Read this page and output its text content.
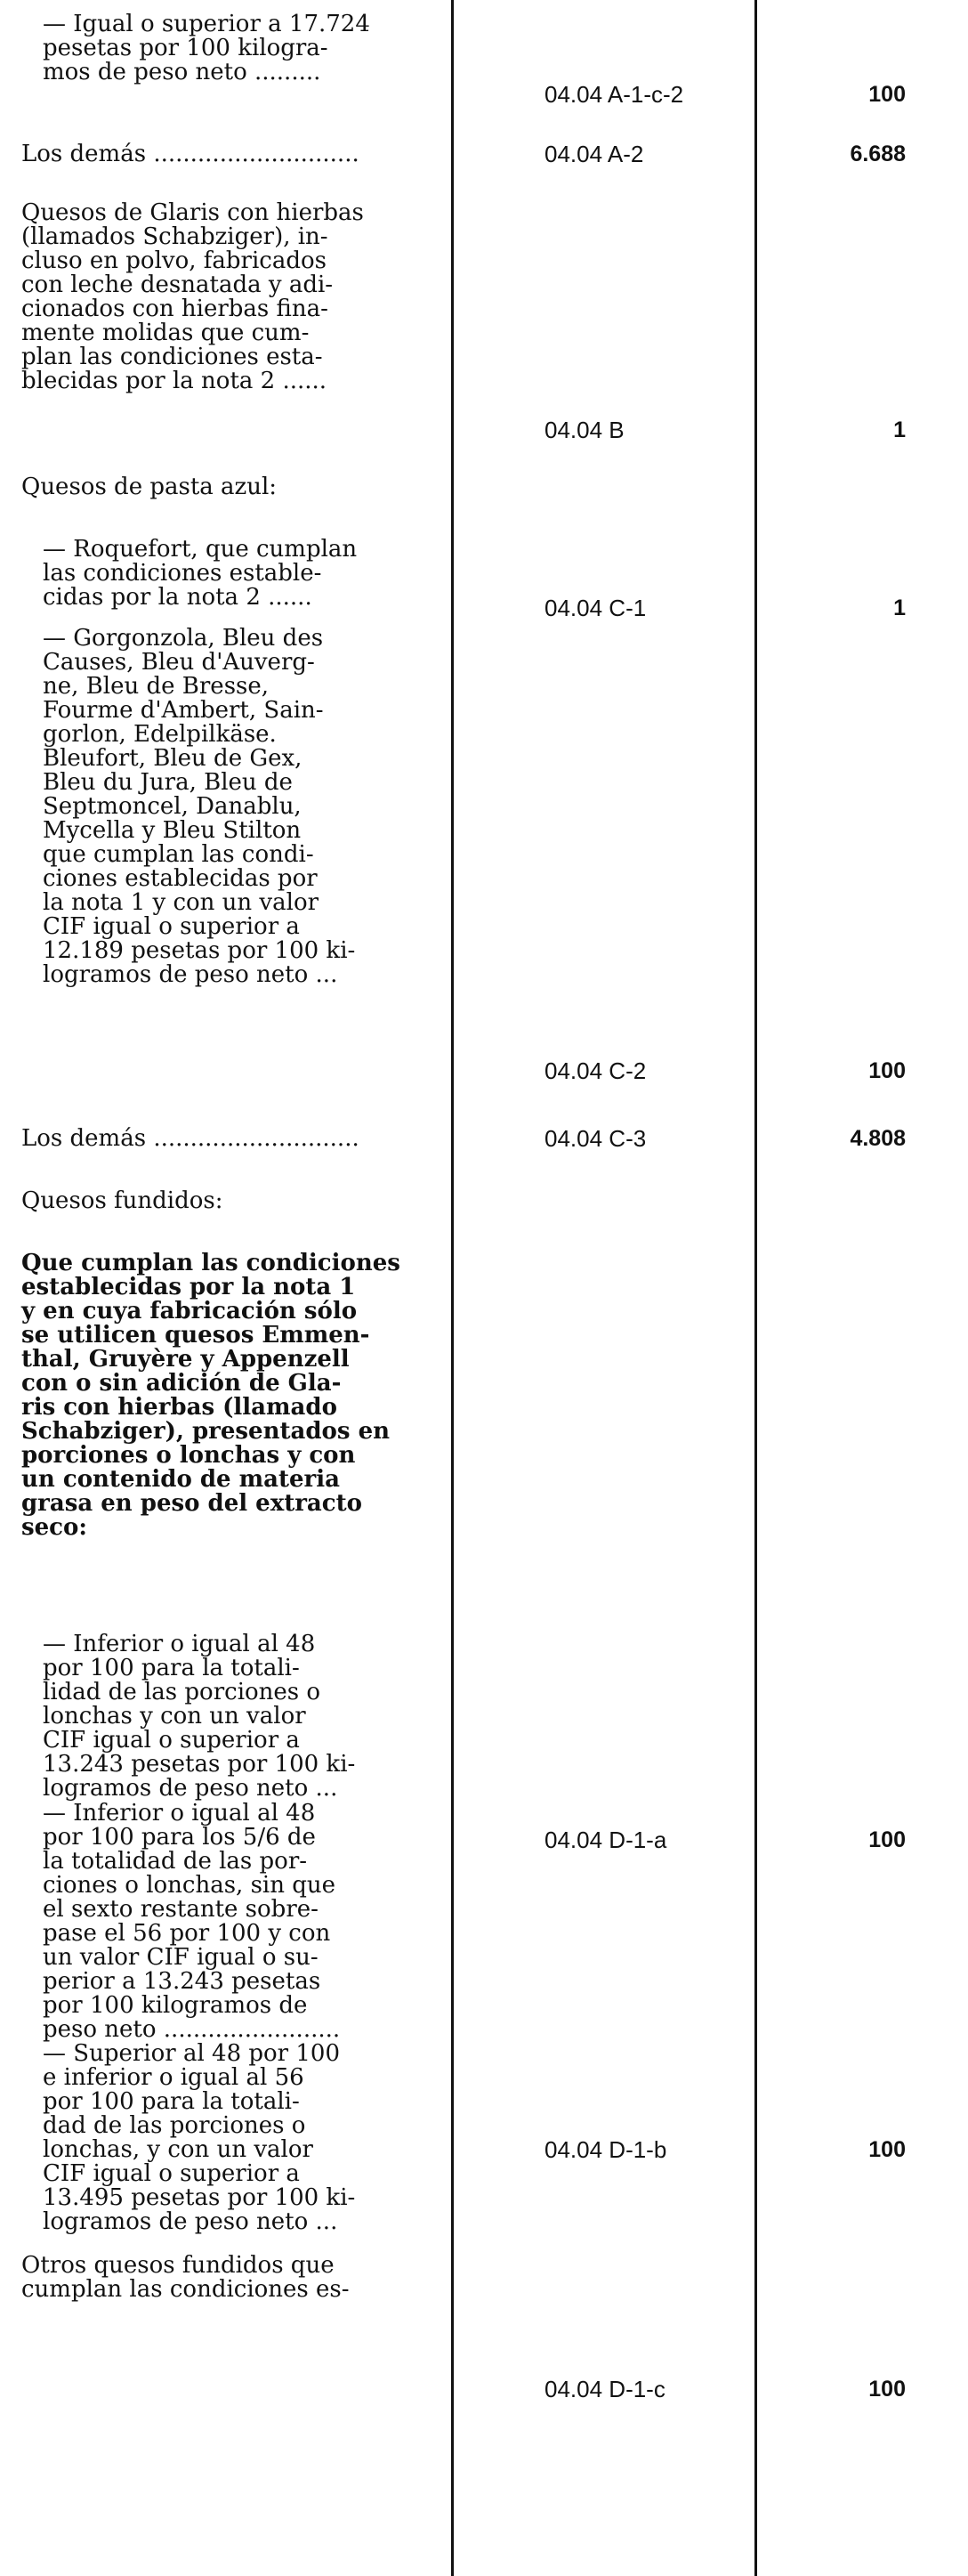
— Igual o superior a 17.724
pesetas por 100 kilogra-
mos de peso neto .........
Los demás ............................
Quesos de Glaris con hierbas
(llamados Schabziger), in-
cluso en polvo, fabricados
con leche desnatada y adi-
cionados con hierbas fina-
mente molidas que cum-
plan las condiciones esta-
blecidas por la nota 2 ......
Quesos de pasta azul:
— Roquefort, que cumplan
las condiciones estable-
cidas por la nota 2 ......
— Gorgonzola, Bleu des
Causes, Bleu d'Auverg-
ne, Bleu de Bresse,
Fourme d'Ambert, Sain-
gorlon, Edelpilkäse.
Bleufort, Bleu de Gex,
Bleu du Jura, Bleu de
Septmoncel, Danablu,
Mycella y Bleu Stilton
que cumplan las condi-
ciones establecidas por
la nota 1 y con un valor
CIF igual o superior a
12.189 pesetas por 100 ki-
logramos de peso neto ...
Los demás ............................
Quesos fundidos:
Que cumplan las condiciones
establecidas por la nota 1
y en cuya fabricación sólo
se utilicen quesos Emmen-
thal, Gruyère y Appenzell
con o sin adición de Gla-
ris con hierbas (llamado
Schabziger), presentados en
porciones o lonchas y con
un contenido de materia
grasa en peso del extracto
seco:
— Inferior o igual al 48
por 100 para la totali-
lidad de las porciones o
lonchas y con un valor
CIF igual o superior a
13.243 pesetas por 100 ki-
logramos de peso neto ...
— Inferior o igual al 48
por 100 para los 5/6 de
la totalidad de las por-
ciones o lonchas, sin que
el sexto restante sobre-
pase el 56 por 100 y con
un valor CIF igual o su-
perior a 13.243 pesetas
por 100 kilogramos de
peso neto ........................
— Superior al 48 por 100
e inferior o igual al 56
por 100 para la totali-
dad de las porciones o
lonchas, y con un valor
CIF igual o superior a
13.495 pesetas por 100 ki-
logramos de peso neto ...
Otros quesos fundidos que
cumplan las condiciones es-
04.04 A-1-c-2
04.04 A-2
04.04 B
04.04 C-1
04.04 C-2
04.04 C-3
04.04 D-1-a
04.04 D-1-b
04.04 D-1-c
100
6.688
1
1
100
4.808
100
100
100
